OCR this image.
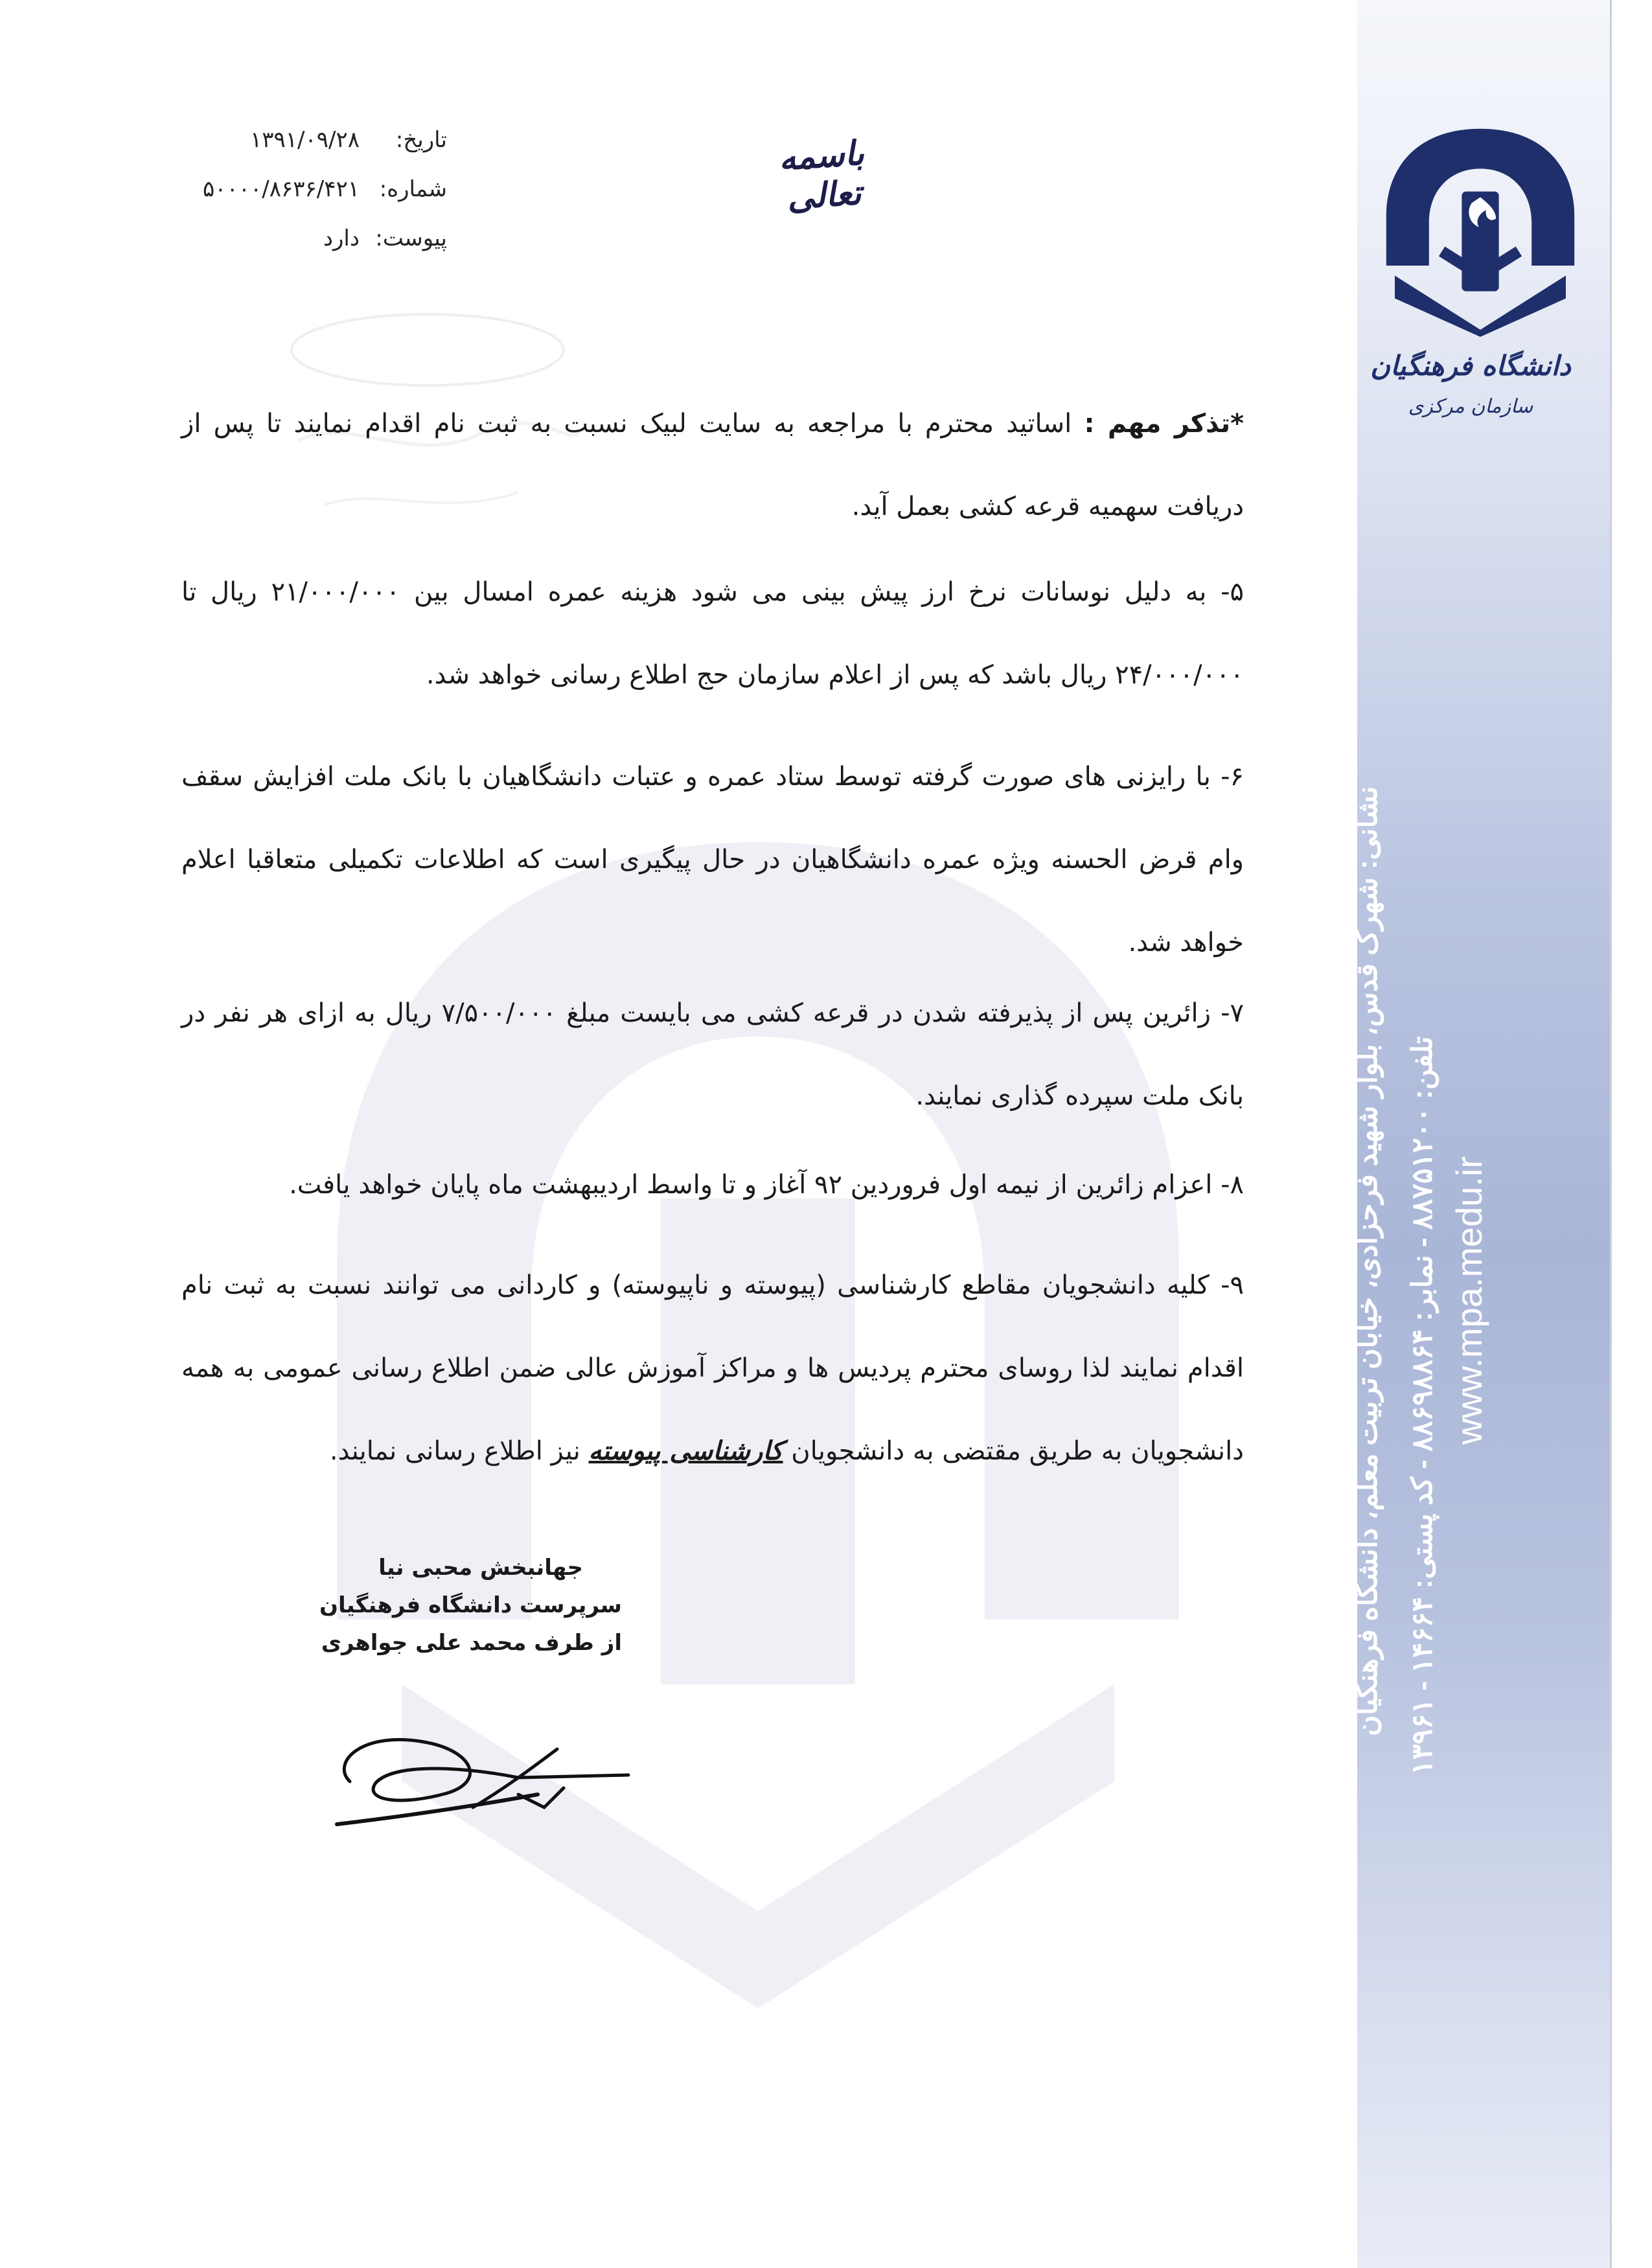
دانشگاه فرهنگیان
سازمان مرکزی
نشانی: شهرک قدس، بلوار شهید فرحزادی، خیابان تربیت معلم، دانشگاه فرهنگیان
تلفن: ۸۸۷۵۱۲۰۰ - نمابر: ۸۸۶۹۸۸۶۴ - کد پستی: ۱۴۶۶۴ - ۱۳۹۶۱
www.mpa.medu.ir
باسمه تعالی
تاریخ:
۱۳۹۱/۰۹/۲۸
شماره:
۵۰۰۰۰/۸۶۳۶/۴۲۱
پیوست:
دارد
*تذکر مهم : اساتید محترم با مراجعه به سایت لبیک نسبت به ثبت نام اقدام نمایند تا پس از دریافت سهمیه قرعه کشی بعمل آید.
۵- به دلیل نوسانات نرخ ارز پیش بینی می شود هزینه عمره امسال بین ۲۱/۰۰۰/۰۰۰ ریال تا ۲۴/۰۰۰/۰۰۰ ریال باشد که پس از اعلام سازمان حج اطلاع رسانی خواهد شد.
۶- با رایزنی های صورت گرفته توسط ستاد عمره و عتبات دانشگاهیان با بانک ملت افزایش سقف وام قرض الحسنه ویژه عمره دانشگاهیان در حال پیگیری است که اطلاعات تکمیلی متعاقبا اعلام خواهد شد.
۷- زائرین پس از پذیرفته شدن در قرعه کشی می بایست مبلغ ۷/۵۰۰/۰۰۰ ریال به ازای هر نفر در بانک ملت سپرده گذاری نمایند.
۸- اعزام زائرین از نیمه اول فروردین ۹۲ آغاز و تا واسط اردیبهشت ماه پایان خواهد یافت.
۹- کلیه دانشجویان مقاطع کارشناسی (پیوسته و ناپیوسته) و کاردانی می توانند نسبت به ثبت نام اقدام نمایند لذا روسای محترم پردیس ها و مراکز آموزش عالی ضمن اطلاع رسانی عمومی به همه دانشجویان به طریق مقتضی به دانشجویان کارشناسی پیوسته نیز اطلاع رسانی نمایند.
جهانبخش محبی نیا
سرپرست دانشگاه فرهنگیان
از طرف محمد علی جواهری
